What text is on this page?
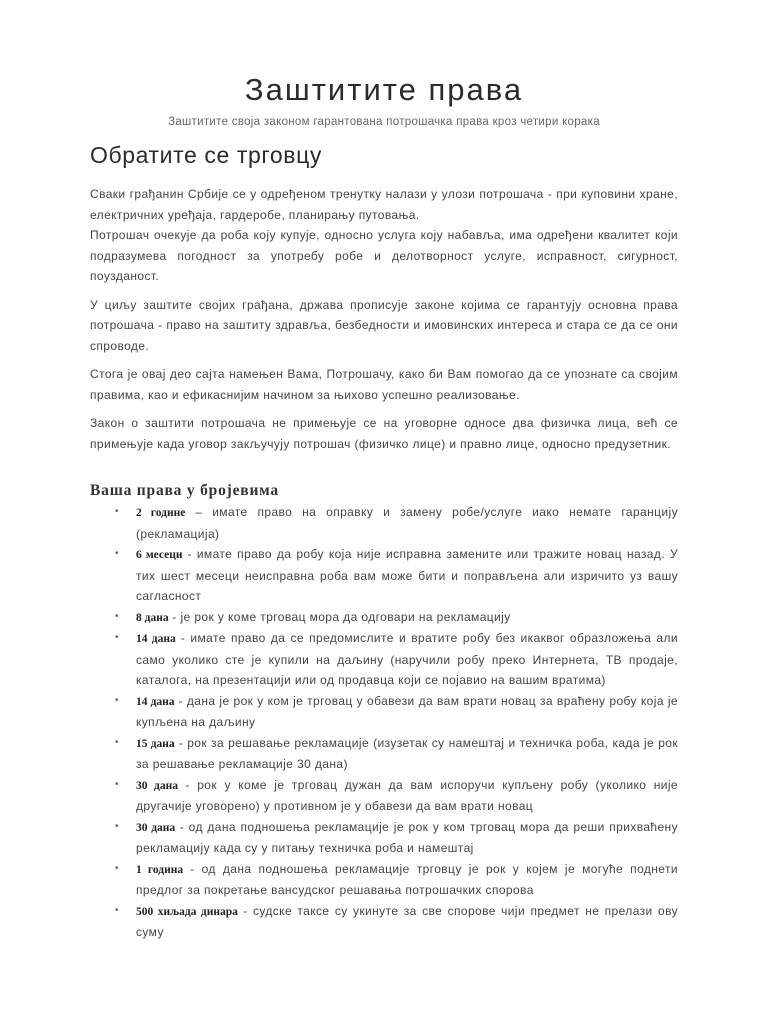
Заштитите права
Заштитите своја законом гарантована потрошачка права кроз четири корака
Обратите се трговцу

Сваки грађанин Србије се у одређеном тренутку налази у улози потрошача - при куповини хране, електричних уређаја, гардеробе, планирању путовања.

Потрошач очекује да роба коју купује, односно услуга коју набавља, има одређени квалитет који подразумева погодност за употребу робе и делотворност услуге, исправност, сигурност, поузданост.

У циљу заштите својих грађана, држава прописује законе којима се гарантују основна права потрошача - право на заштиту здравља, безбедности и имовинских интереса и стара се да се они спроводе.

Стога је овај део сајта намењен Вама, Потрошачу, како би Вам помогао да се упознате са својим правима, као и ефикаснијим начином за њихово успешно реализовање.

Закон о заштити потрошача не примењује се на уговорне односе два физичка лица, већ се примењује када уговор закључују потрошач (физичко лице) и правно лице, односно предузетник.

Ваша права у бројевима
• 2 године – имате право на оправку и замену робе/услуге иако немате гаранцију (рекламација)
• 6 месеци - имате право да робу која није исправна замените или тражите новац назад. У тих шест месеци неисправна роба вам може бити и поправљена али изричито уз вашу сагласност
• 8 дана - је рок у коме трговац мора да одговари на рекламацију
• 14 дана - имате право да се предомислите и вратите робу без икаквог образложења али само уколико сте је купили на даљину (наручили робу преко Интернета, ТВ продаје, каталога, на презентацији или од продавца који се појавио на вашим вратима)
• 14 дана - дана је рок у ком је трговац у обавези да вам врати новац за враћену робу која је купљена на даљину
• 15 дана - рок за решавање рекламације (изузетак су намештај и техничка роба, када је рок за решавање рекламације 30 дана)
• 30 дана - рок у коме је трговац дужан да вам испоручи купљену робу (уколико није другачије уговорено) у противном је у обавези да вам врати новац
• 30 дана - од дана подношења рекламације је рок у ком трговац мора да реши прихваћену рекламацију када су у питању техничка роба и намештај
• 1 година - од дана подношења рекламације трговцу је рок у којем је могуће поднети предлог за покретање вансудског решавања потрошачких спорова
• 500 хиљада динара - судске таксе су укинуте за све спорове чији предмет не прелази ову суму
